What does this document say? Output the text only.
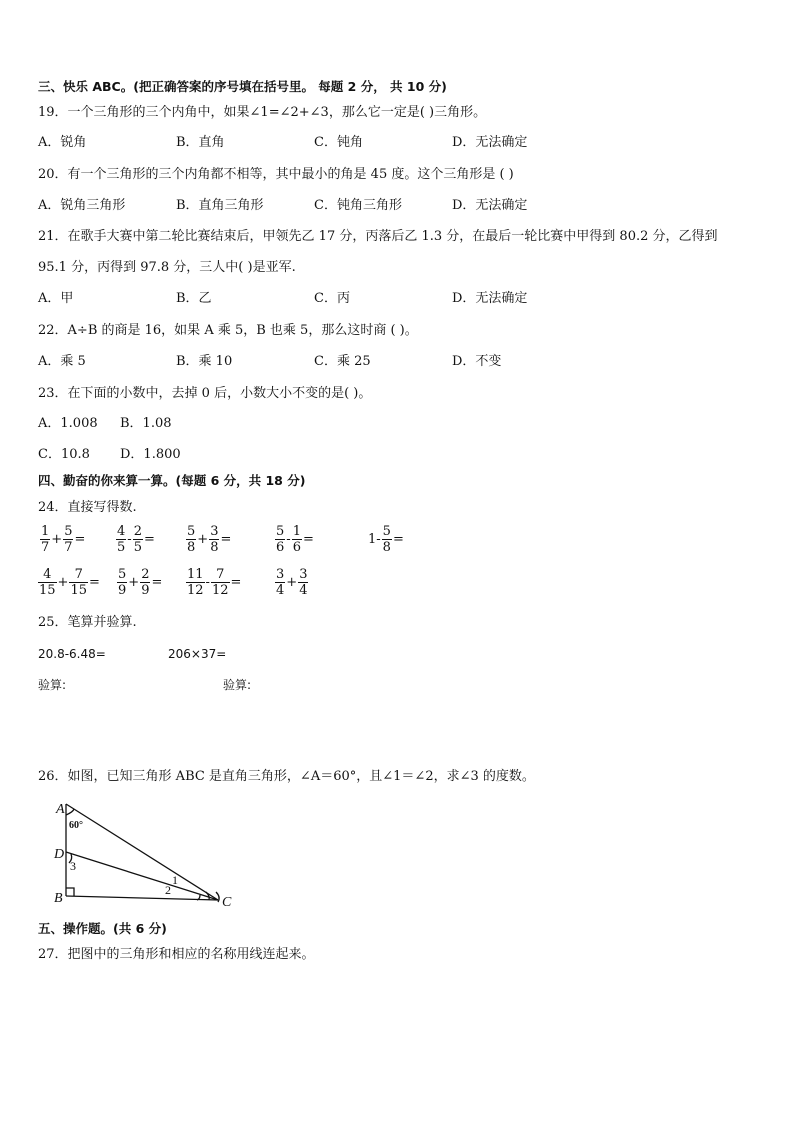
三、快乐 ABC。(把正确答案的序号填在括号里。 每题 2 分， 共 10 分)
19．一个三角形的三个内角中，如果∠1=∠2+∠3，那么它一定是( )三角形。
A．锐角	B．直角	C．钝角	D．无法确定
20．有一个三角形的三个内角都不相等，其中最小的角是 45 度。这个三角形是 ( )
A．锐角三角形	B．直角三角形	C．钝角三角形	D．无法确定
21．在歌手大赛中第二轮比赛结束后，甲领先乙 17 分，丙落后乙 1.3 分，在最后一轮比赛中甲得到 80.2 分，乙得到
95.1 分，丙得到 97.8 分，三人中( )是亚军.
A．甲	B．乙	C．丙	D．无法确定
22．A÷B 的商是 16，如果 A 乘 5，B 也乘 5，那么这时商 ( )。
A．乘 5	B．乘 10	C．乘 25	D．不变
23．在下面的小数中，去掉 0 后，小数大小不变的是( )。
A．1.008 B．1.08
C．10.8 D．1.800
四、勤奋的你来算一算。(每题 6 分，共 18 分)
24．直接写得数.
$\frac{1}{7} + \frac{5}{7} = \frac{4}{5} - \frac{2}{5} = \frac{5}{8} + \frac{3}{8}$ =	$\frac{5}{6} - \frac{1}{6}$ =	$1- \frac{5}{8}$ =
$\frac{4}{15} + \frac{7}{15} = \frac{5}{9} + \frac{2}{9} = \frac{11}{12} - \frac{7}{12}$ =	$\frac{3}{4} + \frac{3}{4}$
25．笔算并验算.
20.8-6.48=	206×37=
验算:	验算:
26．如图，已知三角形 ABC 是直角三角形，∠A＝60°，且∠1＝∠2，求∠3 的度数。
A
60°
D
3
B
1
2
C
五、操作题。(共 6 分)
27．把图中的三角形和相应的名称用线连起来。
